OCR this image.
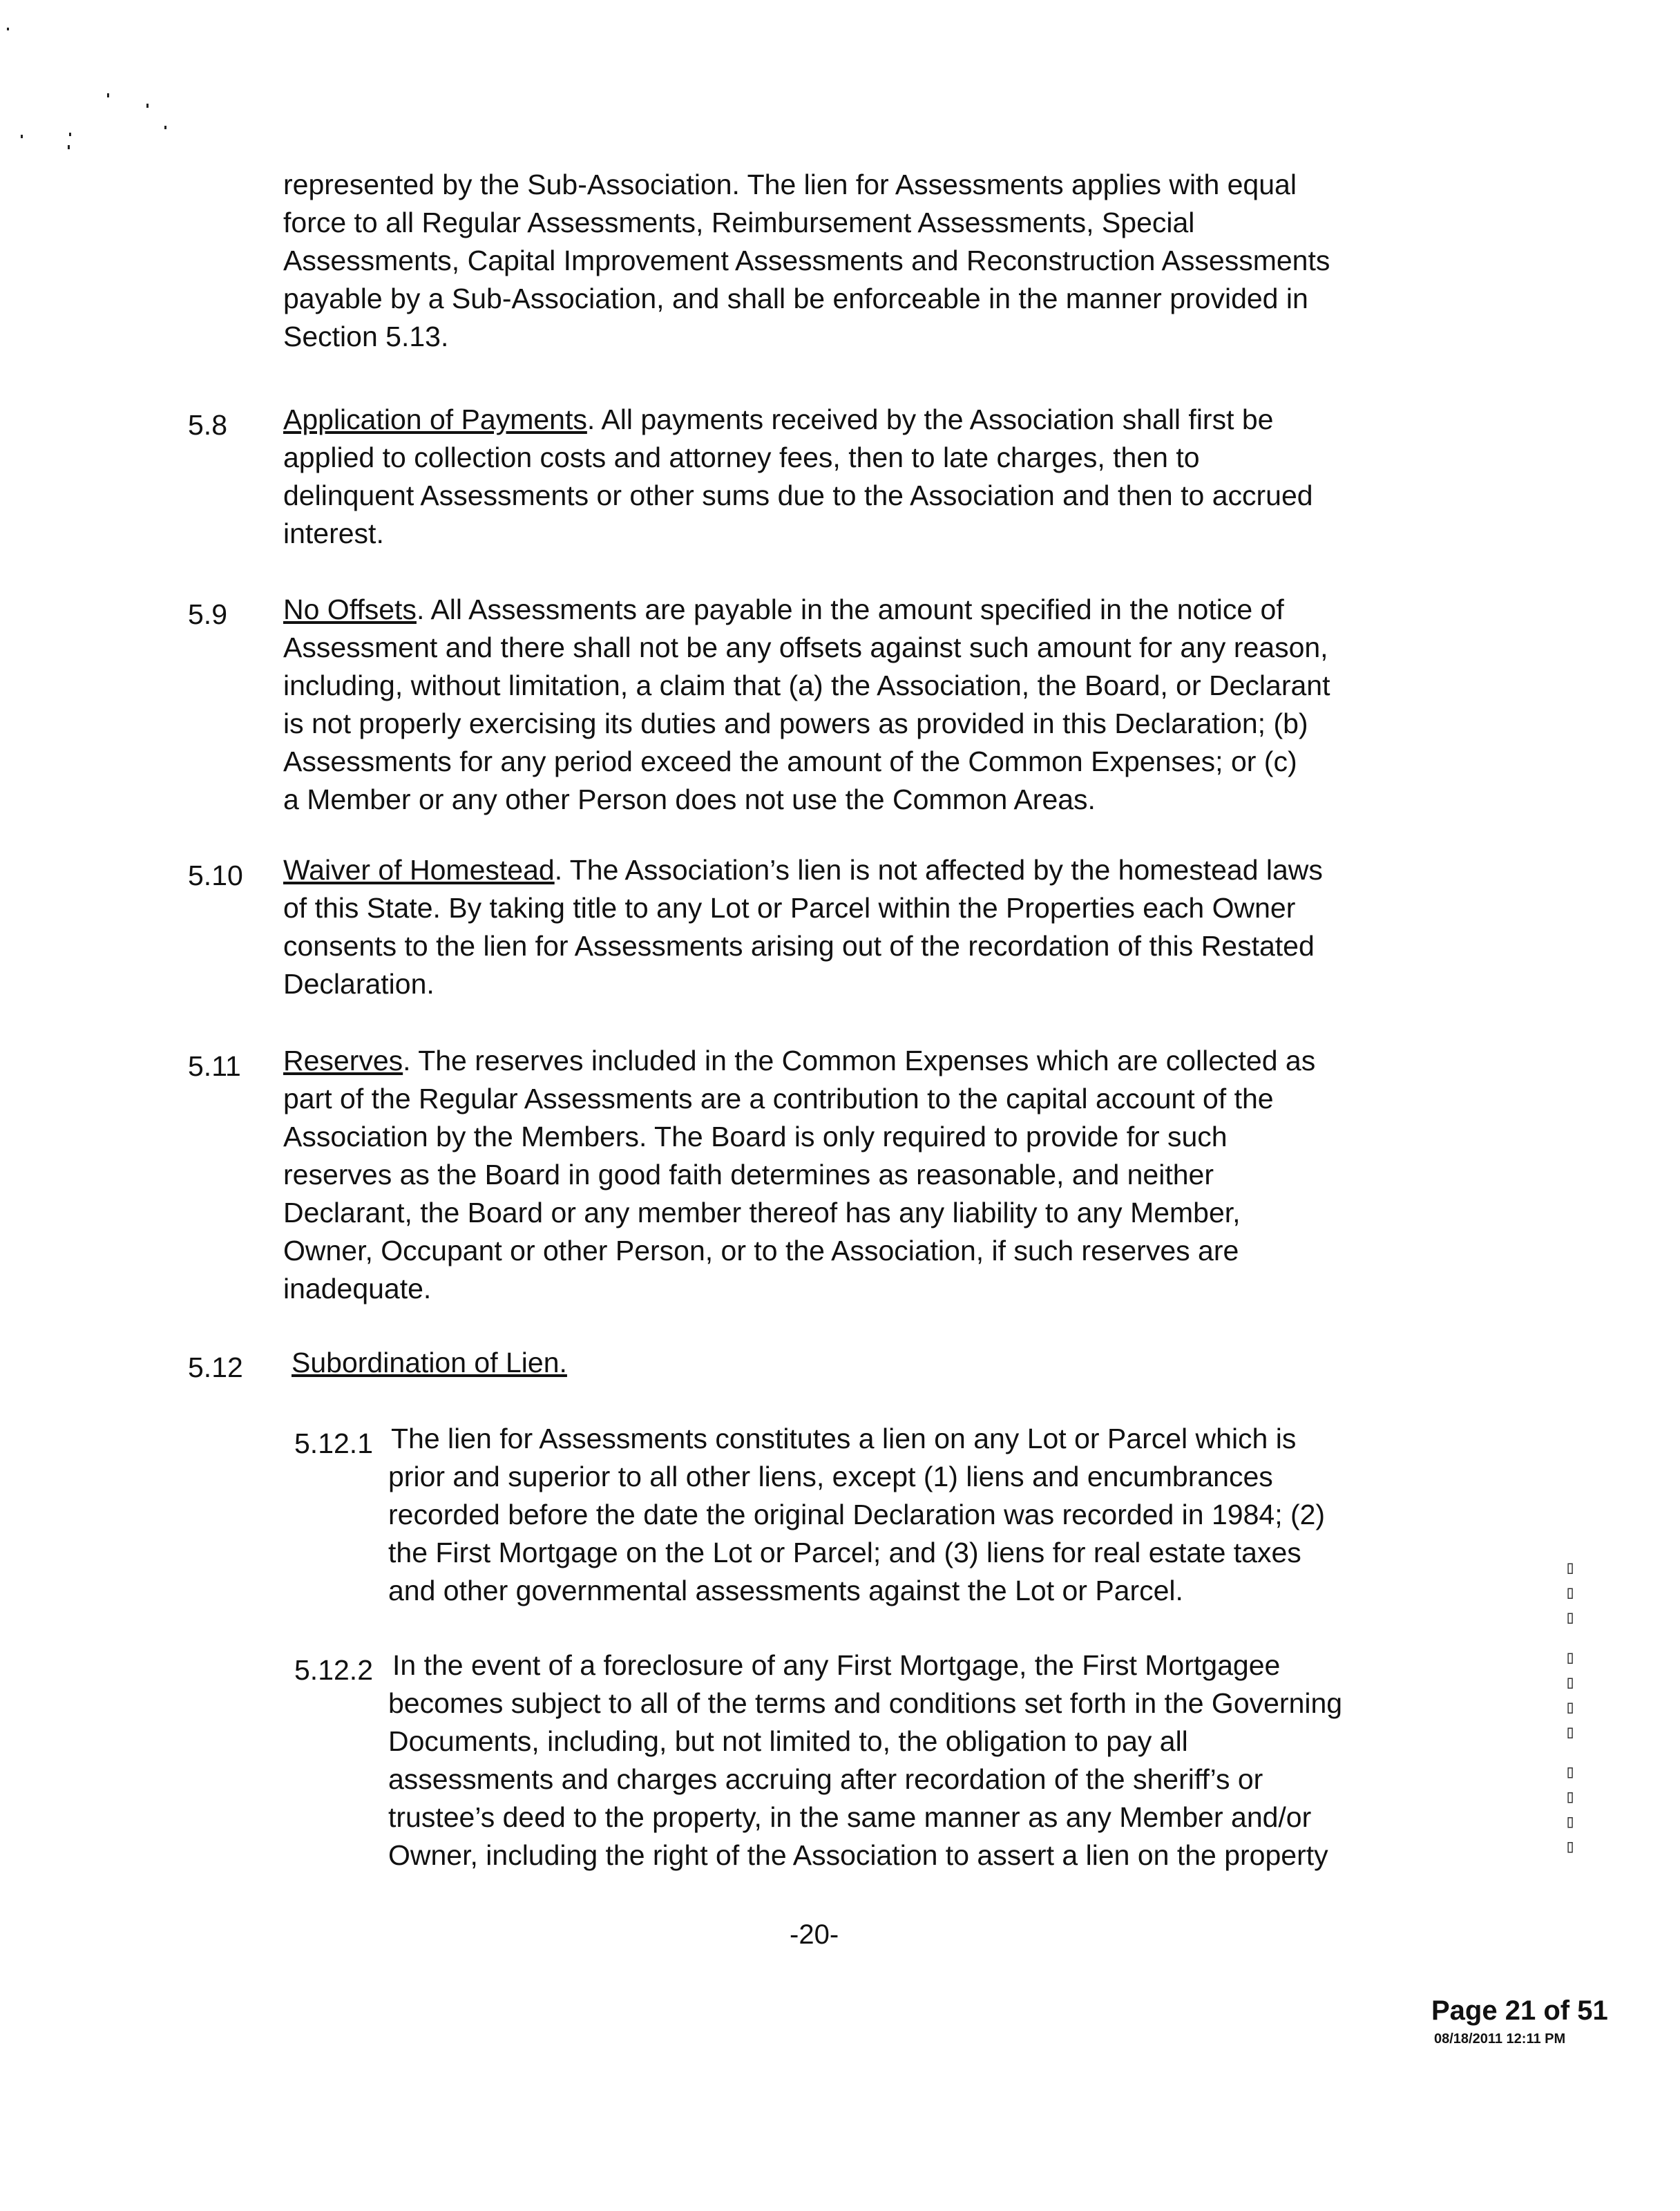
represented by the Sub-Association. The lien for Assessments applies with equal
force to all Regular Assessments, Reimbursement Assessments, Special
Assessments, Capital Improvement Assessments and Reconstruction Assessments
payable by a Sub-Association, and shall be enforceable in the manner provided in
Section 5.13.
5.8 Application of Payments. All payments received by the Association shall first be
applied to collection costs and attorney fees, then to late charges, then to
delinquent Assessments or other sums due to the Association and then to accrued
interest.
5.9 No Offsets. All Assessments are payable in the amount specified in the notice of
Assessment and there shall not be any offsets against such amount for any reason,
including, without limitation, a claim that (a) the Association, the Board, or Declarant
is not properly exercising its duties and powers as provided in this Declaration; (b)
Assessments for any period exceed the amount of the Common Expenses; or (c)
a Member or any other Person does not use the Common Areas.
5.10 Waiver of Homestead. The Association’s lien is not affected by the homestead laws
of this State. By taking title to any Lot or Parcel within the Properties each Owner
consents to the lien for Assessments arising out of the recordation of this Restated
Declaration.
5.11 Reserves. The reserves included in the Common Expenses which are collected as
part of the Regular Assessments are a contribution to the capital account of the
Association by the Members. The Board is only required to provide for such
reserves as the Board in good faith determines as reasonable, and neither
Declarant, the Board or any member thereof has any liability to any Member,
Owner, Occupant or other Person, or to the Association, if such reserves are
inadequate.
5.12 Subordination of Lien.
5.12.1 The lien for Assessments constitutes a lien on any Lot or Parcel which is
prior and superior to all other liens, except (1) liens and encumbrances
recorded before the date the original Declaration was recorded in 1984; (2)
the First Mortgage on the Lot or Parcel; and (3) liens for real estate taxes
and other governmental assessments against the Lot or Parcel.
5.12.2 In the event of a foreclosure of any First Mortgage, the First Mortgagee
becomes subject to all of the terms and conditions set forth in the Governing
Documents, including, but not limited to, the obligation to pay all
assessments and charges accruing after recordation of the sheriff’s or
trustee’s deed to the property, in the same manner as any Member and/or
Owner, including the right of the Association to assert a lien on the property	▯▯▯▯ ▯▯▯▯ ▯▯▯
-20-
Page 21 of 51
08/18/2011 12:11 PM
